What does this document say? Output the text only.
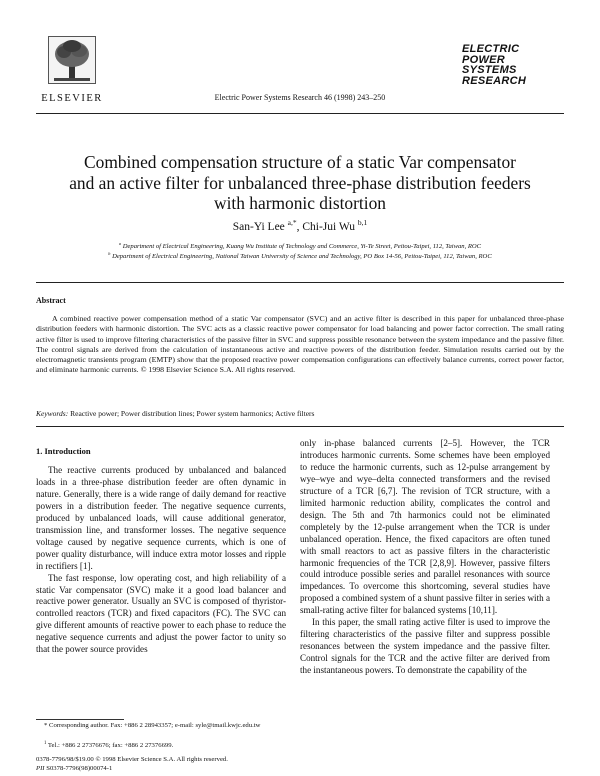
ELSEVIER	Electric Power Systems Research 46 (1998) 243–250
ELECTRIC
POWER
SYSTEMS
RESEARCH
Combined compensation structure of a static Var compensator
and an active filter for unbalanced three-phase distribution feeders
with harmonic distortion
San-Yi Lee $^{a,*}$, Chi-Jui Wu $^{b,1}$
$^a$ Department of Electrical Engineering, Kuang Wu Institute of Technology and Commerce, Yi-Te Street, Peitou-Taipei, 112, Taiwan, ROC
$^b$ Department of Electrical Engineering, National Taiwan University of Science and Technology, PO Box 14-56, Peitou-Taipei, 112, Taiwan, ROC
Abstract
A combined reactive power compensation method of a static Var compensator (SVC) and an active filter is described in this paper for unbalanced three-phase distribution feeders with harmonic distortion. The SVC acts as a classic reactive power compensator for load balancing and power factor correction. The small rating active filter is used to improve filtering characteristics of the passive filter in SVC and suppress possible resonance between the system impedance and the passive filter. The control signals are derived from the calculation of instantaneous active and reactive powers of the distribution feeder. Simulation results carried out by the electromagnetic transients program (EMTP) show that the proposed reactive power compensation configurations can effectively balance currents, correct power factor, and eliminate harmonic currents. © 1998 Elsevier Science S.A. All rights reserved.
Keywords: Reactive power; Power distribution lines; Power system harmonics; Active filters
1. Introduction

The reactive currents produced by unbalanced and balanced loads in a three-phase distribution feeder are often dynamic in nature. Generally, there is a wide range of daily demand for reactive powers in a distribution feeder. The negative sequence currents, produced by unbalanced loads, will cause additional generator, transmission line, and transformer losses. The negative sequence voltage caused by negative sequence currents, which is one of power quality disturbance, will induce extra motor losses and ripple in rectifiers [1].

The fast response, low operating cost, and high reliability of a static Var compensator (SVC) make it a good load balancer and reactive power generator. Usually an SVC is composed of thyristor-controlled reactors (TCR) and fixed capacitors (FC). The SVC can give different amounts of reactive power to each phase to reduce the negative sequence currents and adjust the power factor to unity so that the power source provides

only in-phase balanced currents [2–5]. However, the TCR introduces harmonic currents. Some schemes have been employed to reduce the harmonic currents, such as 12-pulse arrangement by wye–wye and wye–delta connected transformers and the revised structure of a TCR [6,7]. The revision of TCR structure, with a limited harmonic reduction ability, complicates the control and design. The 5th and 7th harmonics could not be eliminated completely by the 12-pulse arrangement when the TCR is under unbalanced operation. Hence, the fixed capacitors are often tuned with small reactors to act as passive filters in the characteristic harmonic frequencies of the TCR [2,8,9]. However, passive filters could introduce possible series and parallel resonances with source impedances. To overcome this shortcoming, several studies have proposed a combined system of a shunt passive filter in series with a small-rating active filter for balanced systems [10,11].

In this paper, the small rating active filter is used to improve the filtering characteristics of the passive filter and suppress possible resonances between the system impedance and the passive filter. Control signals for the TCR and the active filter are derived from the instantaneous powers. To demonstrate the capability of the

* Corresponding author. Fax: +886 2 28943357; e-mail: syle@tmail.kwjc.edu.tw
$^1$ Tel.: +886 2 27376676; fax: +886 2 27376699.
0378-7796/98/$19.00 © 1998 Elsevier Science S.A. All rights reserved.
PII S0378-7796(98)00074-1
